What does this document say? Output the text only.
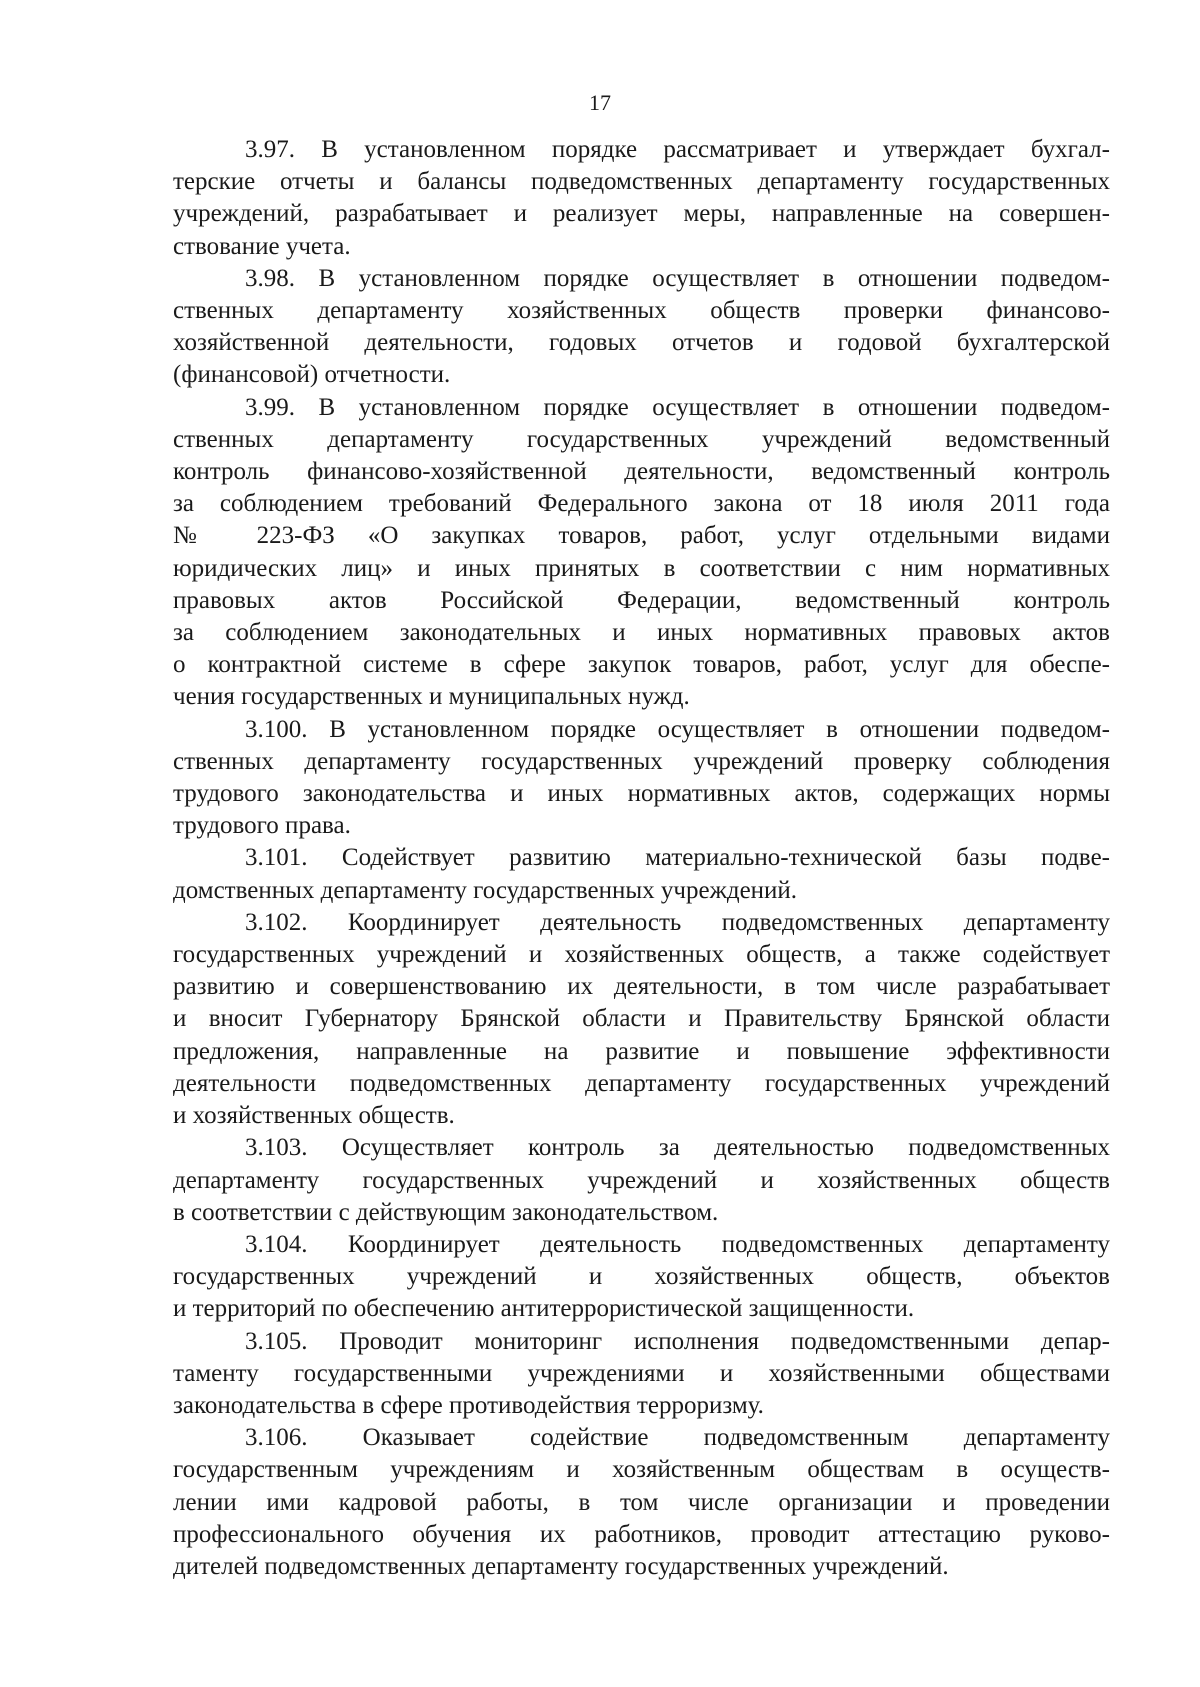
17
3.97. В установленном порядке рассматривает и утверждает бухгал-
терские отчеты и балансы подведомственных департаменту государственных
учреждений, разрабатывает и реализует меры, направленные на совершен-
ствование учета.
3.98. В установленном порядке осуществляет в отношении подведом-
ственных департаменту хозяйственных обществ проверки финансово-
хозяйственной деятельности, годовых отчетов и годовой бухгалтерской
(финансовой) отчетности.
3.99. В установленном порядке осуществляет в отношении подведом-
ственных департаменту государственных учреждений ведомственный
контроль финансово-хозяйственной деятельности, ведомственный контроль
за соблюдением требований Федерального закона от 18 июля 2011 года
№ 223-ФЗ «О закупках товаров, работ, услуг отдельными видами
юридических лиц» и иных принятых в соответствии с ним нормативных
правовых актов Российской Федерации, ведомственный контроль
за соблюдением законодательных и иных нормативных правовых актов
о контрактной системе в сфере закупок товаров, работ, услуг для обеспе-
чения государственных и муниципальных нужд.
3.100. В установленном порядке осуществляет в отношении подведом-
ственных департаменту государственных учреждений проверку соблюдения
трудового законодательства и иных нормативных актов, содержащих нормы
трудового права.
3.101. Содействует развитию материально-технической базы подве-
домственных департаменту государственных учреждений.
3.102. Координирует деятельность подведомственных департаменту
государственных учреждений и хозяйственных обществ, а также содействует
развитию и совершенствованию их деятельности, в том числе разрабатывает
и вносит Губернатору Брянской области и Правительству Брянской области
предложения, направленные на развитие и повышение эффективности
деятельности подведомственных департаменту государственных учреждений
и хозяйственных обществ.
3.103. Осуществляет контроль за деятельностью подведомственных
департаменту государственных учреждений и хозяйственных обществ
в соответствии с действующим законодательством.
3.104. Координирует деятельность подведомственных департаменту
государственных учреждений и хозяйственных обществ, объектов
и территорий по обеспечению антитеррористической защищенности.
3.105. Проводит мониторинг исполнения подведомственными депар-
таменту государственными учреждениями и хозяйственными обществами
законодательства в сфере противодействия терроризму.
3.106. Оказывает содействие подведомственным департаменту
государственным учреждениям и хозяйственным обществам в осуществ-
лении ими кадровой работы, в том числе организации и проведении
профессионального обучения их работников, проводит аттестацию руково-
дителей подведомственных департаменту государственных учреждений.
